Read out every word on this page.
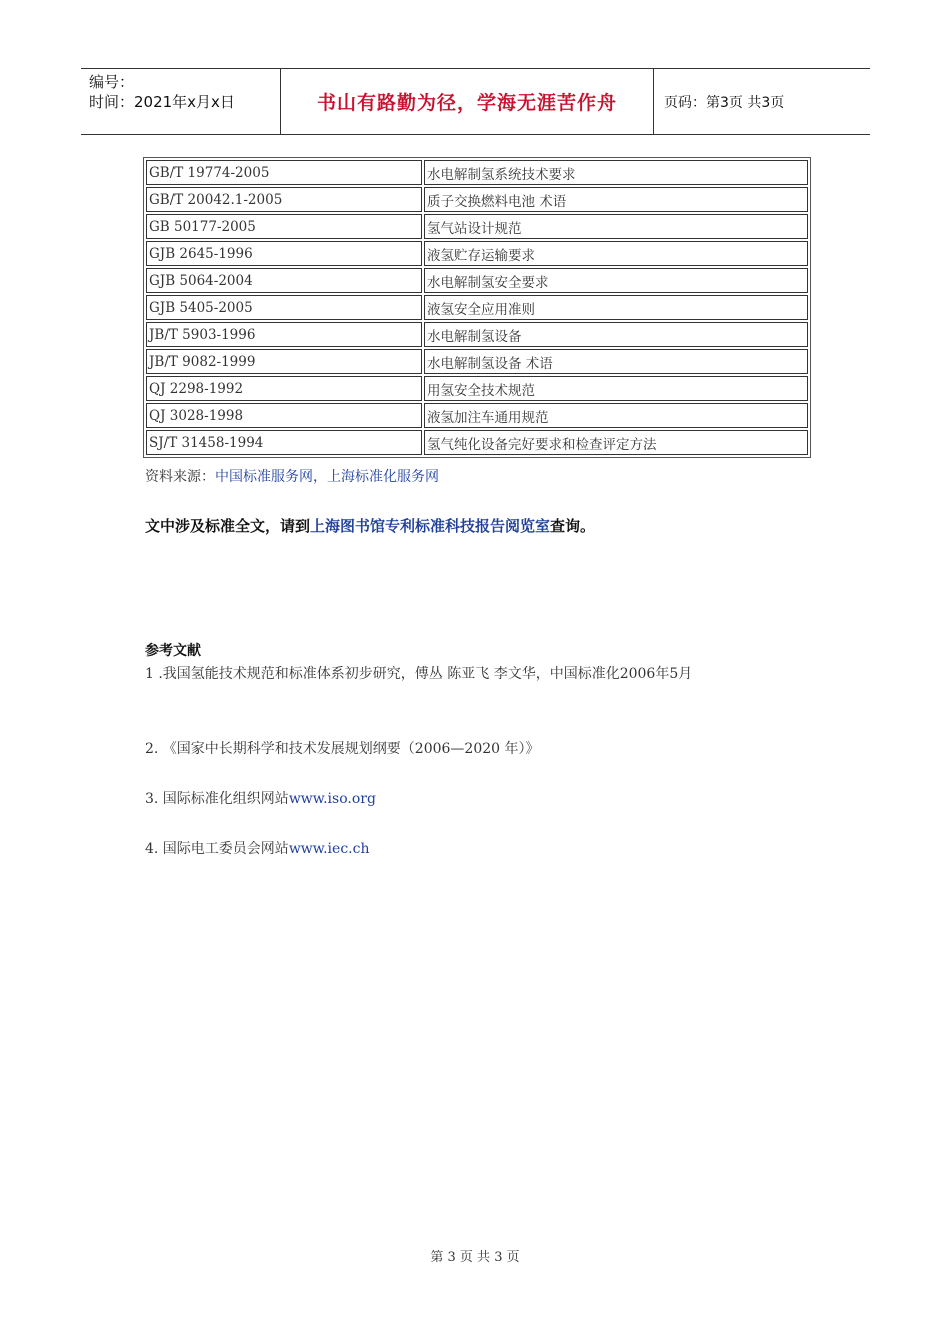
编号：
时间：2021年x月x日	书山有路勤为径，学海无涯苦作舟	页码：第3页 共3页
GB/T 19774-2005	水电解制氢系统技术要求
GB/T 20042.1-2005	质子交换燃料电池 术语
GB 50177-2005	氢气站设计规范
GJB 2645-1996	液氢贮存运输要求
GJB 5064-2004	水电解制氢安全要求
GJB 5405-2005	液氢安全应用准则
JB/T 5903-1996	水电解制氢设备
JB/T 9082-1999	水电解制氢设备 术语
QJ 2298-1992	用氢安全技术规范
QJ 3028-1998	液氢加注车通用规范
SJ/T 31458-1994	氢气纯化设备完好要求和检查评定方法
资料来源：中国标准服务网，上海标准化服务网
文中涉及标准全文，请到上海图书馆专利标准科技报告阅览室查询。
参考文献
1 .我国氢能技术规范和标准体系初步研究，傅丛 陈亚飞 李文华，中国标准化2006年5月
2. 《国家中长期科学和技术发展规划纲要（2006—2020 年）》
3. 国际标准化组织网站www.iso.org
4. 国际电工委员会网站www.iec.ch
第 3 页 共 3 页
